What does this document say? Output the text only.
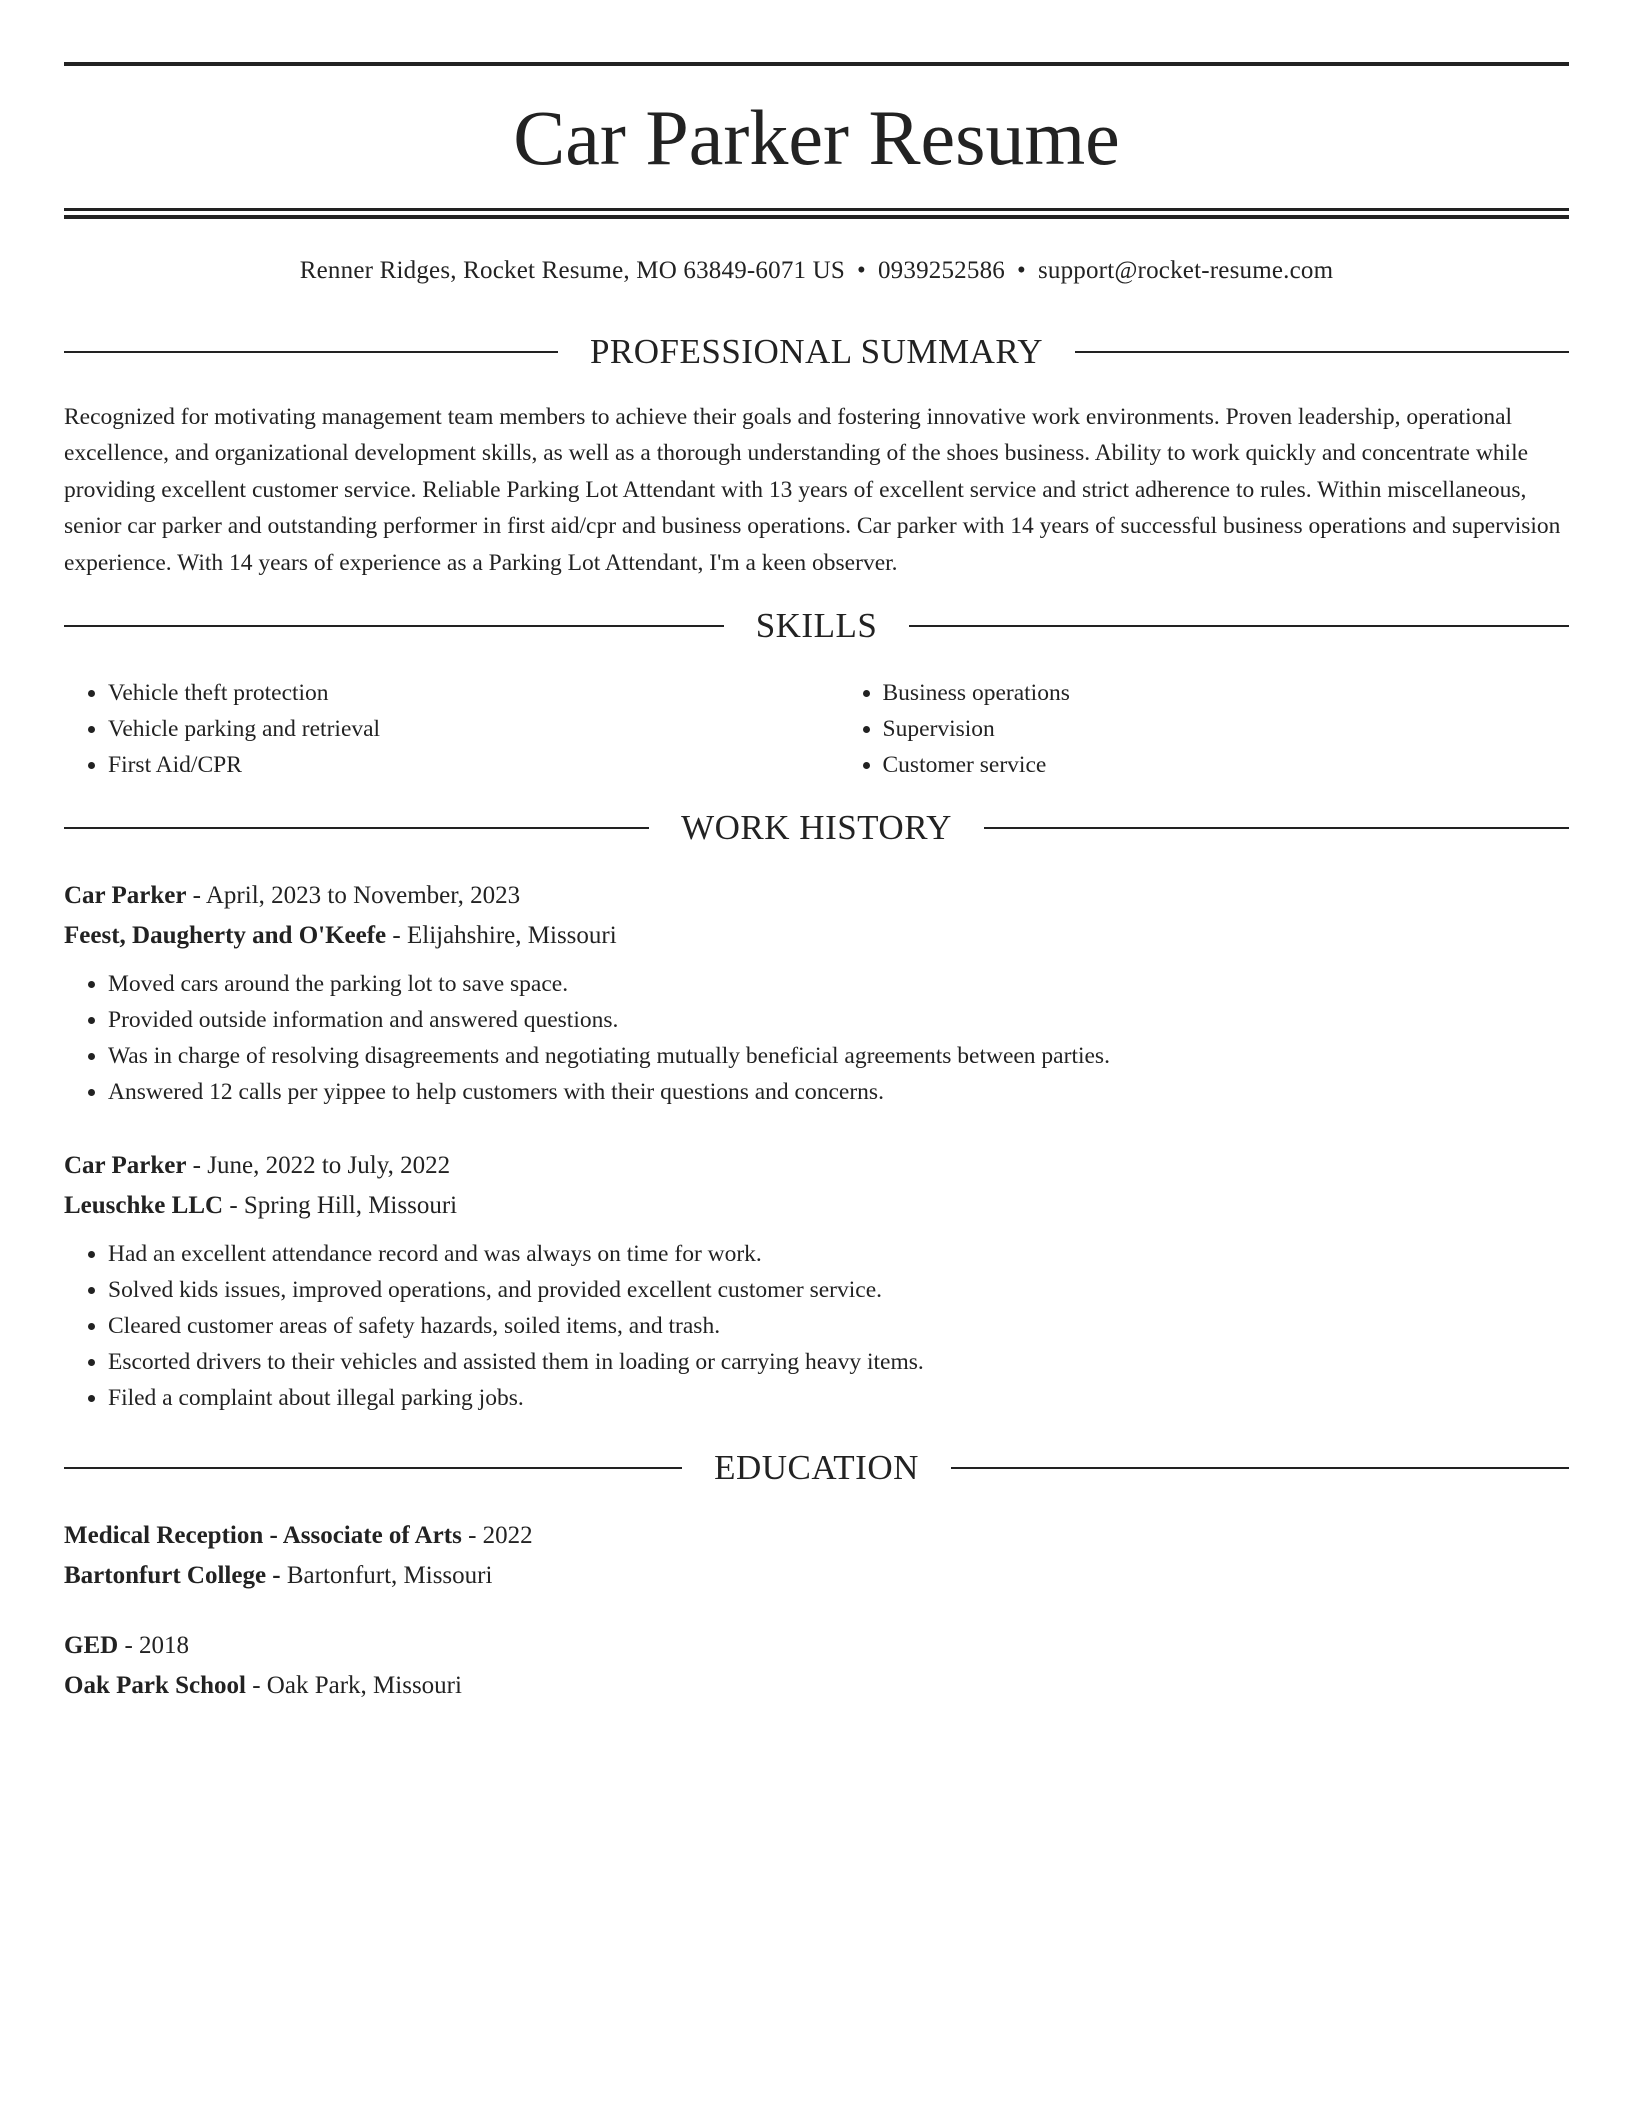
Car Parker Resume
Renner Ridges, Rocket Resume, MO 63849-6071 US • 0939252586 • support@rocket-resume.com
PROFESSIONAL SUMMARY

Recognized for motivating management team members to achieve their goals and fostering innovative work environments. Proven leadership, operational excellence, and organizational development skills, as well as a thorough understanding of the shoes business. Ability to work quickly and concentrate while providing excellent customer service. Reliable Parking Lot Attendant with 13 years of excellent service and strict adherence to rules. Within miscellaneous, senior car parker and outstanding performer in first aid/cpr and business operations. Car parker with 14 years of successful business operations and supervision experience. With 14 years of experience as a Parking Lot Attendant, I'm a keen observer.

SKILLS
• Vehicle theft protection
• Vehicle parking and retrieval
• First Aid/CPR
• Business operations
• Supervision
• Customer service
WORK HISTORY
Car Parker - April, 2023 to November, 2023
Feest, Daugherty and O'Keefe - Elijahshire, Missouri
• Moved cars around the parking lot to save space.
• Provided outside information and answered questions.
• Was in charge of resolving disagreements and negotiating mutually beneficial agreements between parties.
• Answered 12 calls per yippee to help customers with their questions and concerns.
Car Parker - June, 2022 to July, 2022
Leuschke LLC - Spring Hill, Missouri
• Had an excellent attendance record and was always on time for work.
• Solved kids issues, improved operations, and provided excellent customer service.
• Cleared customer areas of safety hazards, soiled items, and trash.
• Escorted drivers to their vehicles and assisted them in loading or carrying heavy items.
• Filed a complaint about illegal parking jobs.
EDUCATION
Medical Reception - Associate of Arts - 2022
Bartonfurt College - Bartonfurt, Missouri
GED - 2018
Oak Park School - Oak Park, Missouri
